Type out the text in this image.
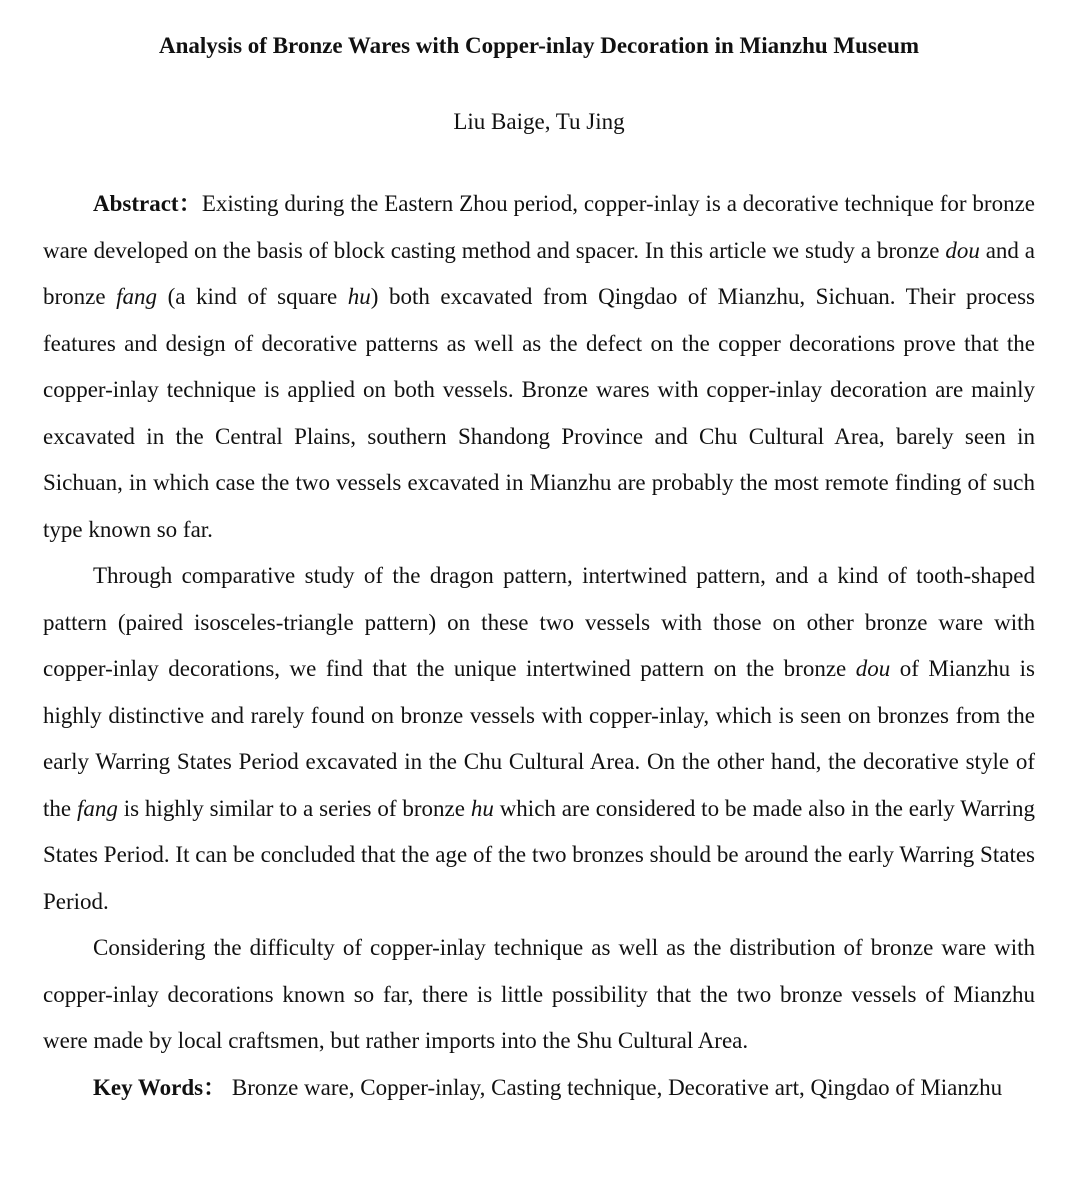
Analysis of Bronze Wares with Copper-inlay Decoration in Mianzhu Museum

Liu Baige, Tu Jing

Abstract：Existing during the Eastern Zhou period, copper-inlay is a decorative technique for bronze ware developed on the basis of block casting method and spacer. In this article we study a bronze dou and a bronze fang (a kind of square hu) both excavated from Qingdao of Mianzhu, Sichuan. Their process features and design of decorative patterns as well as the defect on the copper decorations prove that the copper-inlay technique is applied on both vessels. Bronze wares with copper-inlay decoration are mainly excavated in the Central Plains, southern Shandong Province and Chu Cultural Area, barely seen in Sichuan, in which case the two vessels excavated in Mianzhu are probably the most remote finding of such type known so far.

Through comparative study of the dragon pattern, intertwined pattern, and a kind of tooth-shaped pattern (paired isosceles-triangle pattern) on these two vessels with those on other bronze ware with copper-inlay decorations, we find that the unique intertwined pattern on the bronze dou of Mianzhu is highly distinctive and rarely found on bronze vessels with copper-inlay, which is seen on bronzes from the early Warring States Period excavated in the Chu Cultural Area. On the other hand, the decorative style of the fang is highly similar to a series of bronze hu which are considered to be made also in the early Warring States Period. It can be concluded that the age of the two bronzes should be around the early Warring States Period.

Considering the difficulty of copper-inlay technique as well as the distribution of bronze ware with copper-inlay decorations known so far, there is little possibility that the two bronze vessels of Mianzhu were made by local craftsmen, but rather imports into the Shu Cultural Area.

Key Words： Bronze ware, Copper-inlay, Casting technique, Decorative art, Qingdao of Mianzhu
